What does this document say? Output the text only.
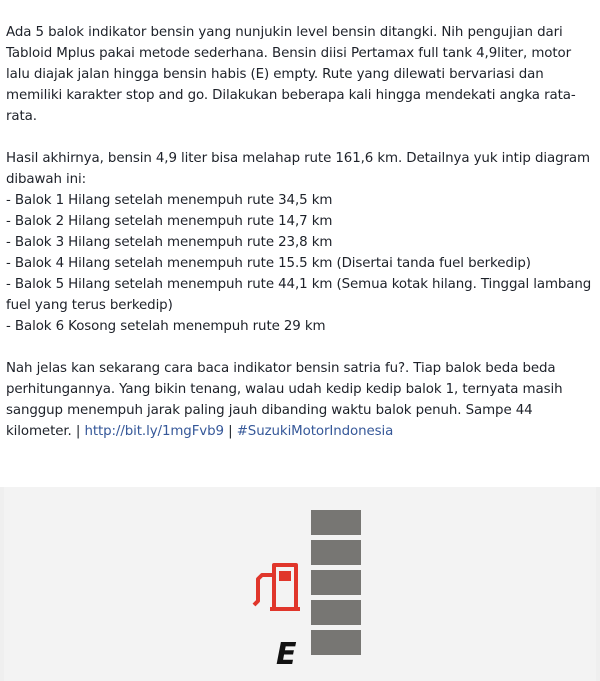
Ada 5 balok indikator bensin yang nunjukin level bensin ditangki. Nih pengujian dari Tabloid Mplus pakai metode sederhana. Bensin diisi Pertamax full tank 4,9liter, motor lalu diajak jalan hingga bensin habis (E) empty. Rute yang dilewati bervariasi dan memiliki karakter stop and go. Dilakukan beberapa kali hingga mendekati angka rata-rata.

Hasil akhirnya, bensin 4,9 liter bisa melahap rute 161,6 km. Detailnya yuk intip diagram dibawah ini:

- Balok 1 Hilang setelah menempuh rute 34,5 km

- Balok 2 Hilang setelah menempuh rute 14,7 km

- Balok 3 Hilang setelah menempuh rute 23,8 km

- Balok 4 Hilang setelah menempuh rute 15.5 km (Disertai tanda fuel berkedip)

- Balok 5 Hilang setelah menempuh rute 44,1 km (Semua kotak hilang. Tinggal lambang fuel yang terus berkedip)

- Balok 6 Kosong setelah menempuh rute 29 km

Nah jelas kan sekarang cara baca indikator bensin satria fu?. Tiap balok beda beda perhitungannya. Yang bikin tenang, walau udah kedip kedip balok 1, ternyata masih sanggup menempuh jarak paling jauh dibanding waktu balok penuh. Sampe 44 kilometer. | http://bit.ly/1mgFvb9 | #SuzukiMotorIndonesia

E
